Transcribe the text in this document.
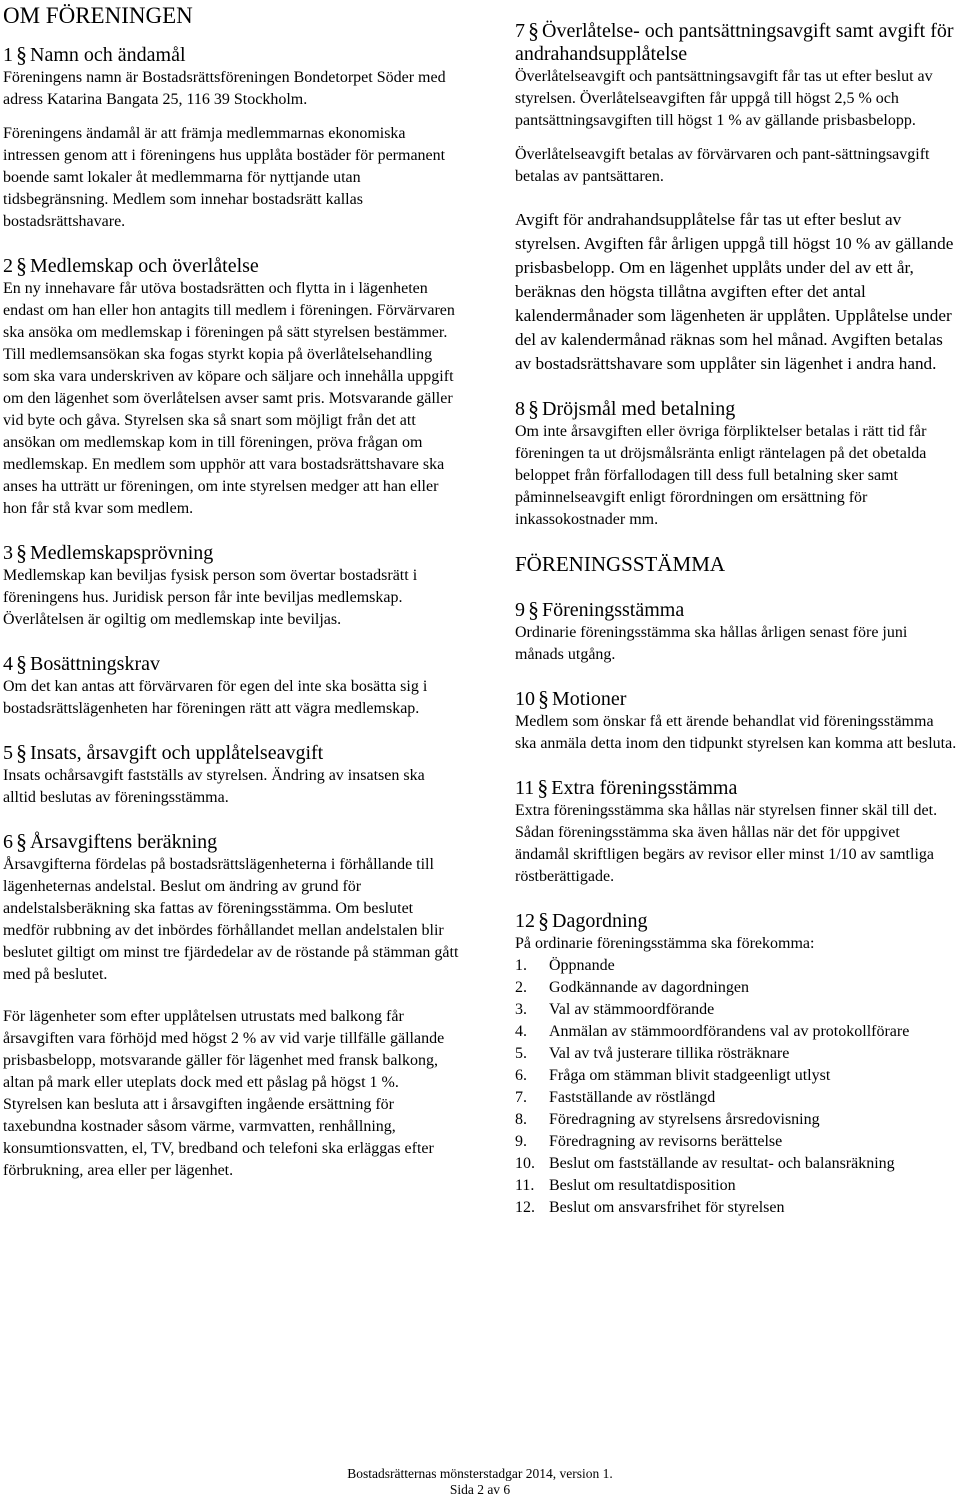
OM FÖRENINGEN
1 § Namn och ändamål

Föreningens namn är Bostadsrättsföreningen Bondetorpet Söder med adress Katarina Bangata 25, 116 39 Stockholm.

Föreningens ändamål är att främja medlemmarnas ekonomiska intressen genom att i föreningens hus upplåta bostäder för permanent boende samt lokaler åt medlemmarna för nyttjande utan tidsbegränsning. Medlem som innehar bostadsrätt kallas bostadsrättshavare.

2 § Medlemskap och överlåtelse

En ny innehavare får utöva bostadsrätten och flytta in i lägenheten endast om han eller hon antagits till medlem i föreningen. Förvärvaren ska ansöka om medlemskap i föreningen på sätt styrelsen bestämmer. Till medlemsansökan ska fogas styrkt kopia på överlåtelsehandling som ska vara underskriven av köpare och säljare och innehålla uppgift om den lägenhet som överlåtelsen avser samt pris. Motsvarande gäller vid byte och gåva. Styrelsen ska så snart som möjligt från det att ansökan om medlemskap kom in till föreningen, pröva frågan om medlemskap. En medlem som upphör att vara bostadsrättshavare ska anses ha utträtt ur föreningen, om inte styrelsen medger att han eller hon får stå kvar som medlem.

3 § Medlemskapsprövning

Medlemskap kan beviljas fysisk person som övertar bostadsrätt i föreningens hus. Juridisk person får inte beviljas medlemskap. Överlåtelsen är ogiltig om medlemskap inte beviljas.

4 § Bosättningskrav

Om det kan antas att förvärvaren för egen del inte ska bosätta sig i bostadsrättslägenheten har föreningen rätt att vägra medlemskap.

5 § Insats, årsavgift och upplåtelseavgift

Insats ochårsavgift fastställs av styrelsen. Ändring av insatsen ska alltid beslutas av föreningsstämma.

6 § Årsavgiftens beräkning

Årsavgifterna fördelas på bostadsrättslägenheterna i förhållande till lägenheternas andelstal. Beslut om ändring av grund för andelstalsberäkning ska fattas av föreningsstämma. Om beslutet medför rubbning av det inbördes förhållandet mellan andelstalen blir beslutet giltigt om minst tre fjärdedelar av de röstande på stämman gått med på beslutet.

För lägenheter som efter upplåtelsen utrustats med balkong får årsavgiften vara förhöjd med högst 2 % av vid varje tillfälle gällande prisbasbelopp, motsvarande gäller för lägenhet med fransk balkong, altan på mark eller uteplats dock med ett påslag på högst 1 %. Styrelsen kan besluta att i årsavgiften ingående ersättning för taxebundna kostnader såsom värme, varmvatten, renhållning, konsumtionsvatten, el, TV, bredband och telefoni ska erläggas efter förbrukning, area eller per lägenhet.

7 § Överlåtelse- och pantsättningsavgift samt avgift för andrahandsupplåtelse

Överlåtelseavgift och pantsättningsavgift får tas ut efter beslut av styrelsen. Överlåtelseavgiften får uppgå till högst 2,5 % och pantsättningsavgiften till högst 1 % av gällande prisbasbelopp.

Överlåtelseavgift betalas av förvärvaren och pant-sättningsavgift betalas av pantsättaren.

Avgift för andrahandsupplåtelse får tas ut efter beslut av styrelsen. Avgiften får årligen uppgå till högst 10 % av gällande prisbasbelopp. Om en lägenhet upplåts under del av ett år, beräknas den högsta tillåtna avgiften efter det antal kalendermånader som lägenheten är upplåten. Upplåtelse under del av kalendermånad räknas som hel månad. Avgiften betalas av bostadsrättshavare som upplåter sin lägenhet i andra hand.

8 § Dröjsmål med betalning

Om inte årsavgiften eller övriga förpliktelser betalas i rätt tid får föreningen ta ut dröjsmålsränta enligt räntelagen på det obetalda beloppet från förfallodagen till dess full betalning sker samt påminnelseavgift enligt förordningen om ersättning för inkassokostnader mm.

FÖRENINGSSTÄMMA
9 § Föreningsstämma

Ordinarie föreningsstämma ska hållas årligen senast före juni månads utgång.

10 § Motioner

Medlem som önskar få ett ärende behandlat vid föreningsstämma ska anmäla detta inom den tidpunkt styrelsen kan komma att besluta.

11 § Extra föreningsstämma

Extra föreningsstämma ska hållas när styrelsen finner skäl till det. Sådan föreningsstämma ska även hållas när det för uppgivet ändamål skriftligen begärs av revisor eller minst 1/10 av samtliga röstberättigade.

12 § Dagordning

På ordinarie föreningsstämma ska förekomma:

1.	Öppnande
2.	Godkännande av dagordningen
3.	Val av stämmoordförande
4.	Anmälan av stämmoordförandens val av protokollförare
5.	Val av två justerare tillika rösträknare
6.	Fråga om stämman blivit stadgeenligt utlyst
7.	Fastställande av röstlängd
8.	Föredragning av styrelsens årsredovisning
9.	Föredragning av revisorns berättelse
10. Beslut om fastställande av resultat- och balansräkning
11. Beslut om resultatdisposition
12. Beslut om ansvarsfrihet för styrelsen
Bostadsrätternas mönsterstadgar 2014, version 1.
Sida 2 av 6
